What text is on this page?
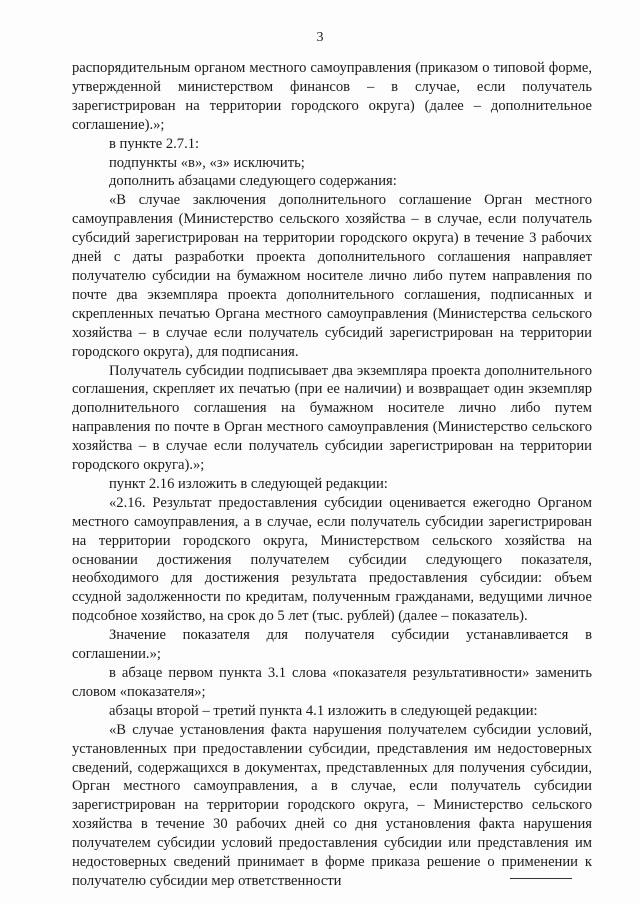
3

распорядительным органом местного самоуправления (приказом о типовой форме, утвержденной министерством финансов – в случае, если получатель зарегистрирован на территории городского округа) (далее – дополнительное соглашение).»;

в пункте 2.7.1:

подпункты «в», «з» исключить;

дополнить абзацами следующего содержания:

«В случае заключения дополнительного соглашение Орган местного самоуправления (Министерство сельского хозяйства – в случае, если получатель субсидий зарегистрирован на территории городского округа) в течение 3 рабочих дней с даты разработки проекта дополнительного соглашения направляет получателю субсидии на бумажном носителе лично либо путем направления по почте два экземпляра проекта дополнительного соглашения, подписанных и скрепленных печатью Органа местного самоуправления (Министерства сельского хозяйства – в случае если получатель субсидий зарегистрирован на территории городского округа), для подписания.

Получатель субсидии подписывает два экземпляра проекта дополнительного соглашения, скрепляет их печатью (при ее наличии) и возвращает один экземпляр дополнительного соглашения на бумажном носителе лично либо путем направления по почте в Орган местного самоуправления (Министерство сельского хозяйства – в случае если получатель субсидии зарегистрирован на территории городского округа).»;

пункт 2.16 изложить в следующей редакции:

«2.16. Результат предоставления субсидии оценивается ежегодно Органом местного самоуправления, а в случае, если получатель субсидии зарегистрирован на территории городского округа, Министерством сельского хозяйства на основании достижения получателем субсидии следующего показателя, необходимого для достижения результата предоставления субсидии: объем ссудной задолженности по кредитам, полученным гражданами, ведущими личное подсобное хозяйство, на срок до 5 лет (тыс. рублей) (далее – показатель).

Значение показателя для получателя субсидии устанавливается в соглашении.»;

в абзаце первом пункта 3.1 слова «показателя результативности» заменить словом «показателя»;

абзацы второй – третий пункта 4.1 изложить в следующей редакции:

«В случае установления факта нарушения получателем субсидии условий, установленных при предоставлении субсидии, представления им недостоверных сведений, содержащихся в документах, представленных для получения субсидии, Орган местного самоуправления, а в случае, если получатель субсидии зарегистрирован на территории городского округа, – Министерство сельского хозяйства в течение 30 рабочих дней со дня установления факта нарушения получателем субсидии условий предоставления субсидии или представления им недостоверных сведений принимает в форме приказа решение о применении к получателю субсидии мер ответственности
